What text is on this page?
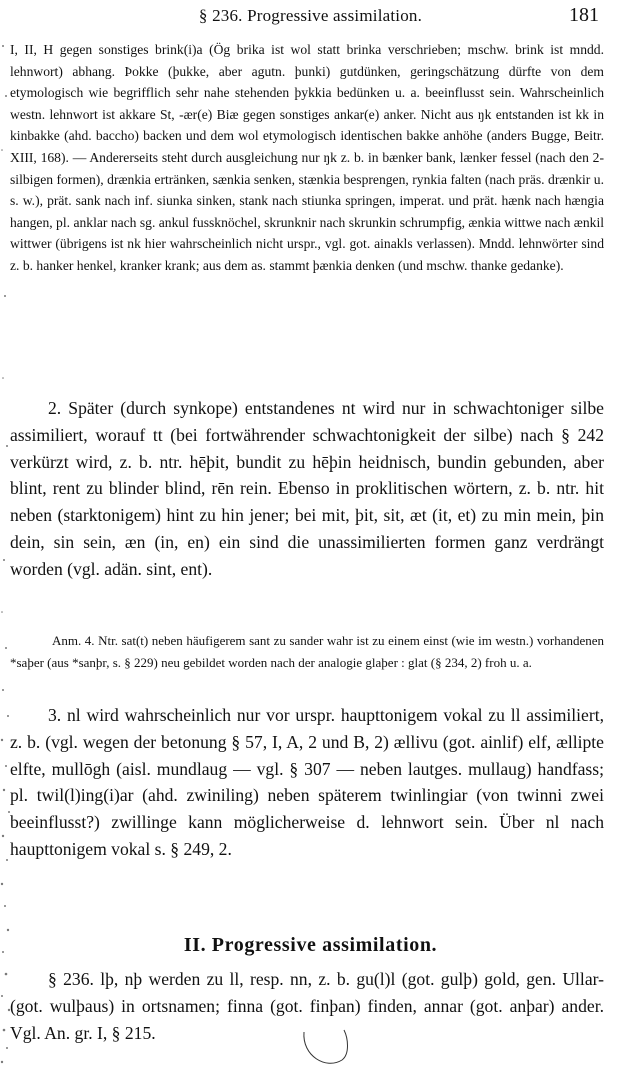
§ 236. Progressive assimilation.	181

I, II, H gegen sonstiges brink(i)a (Ög brika ist wol statt brinka verschrieben; mschw. brink ist mndd. lehnwort) abhang. Þokke (þukke, aber agutn. þunki) gutdünken, geringschätzung dürfte von dem etymologisch wie begrifflich sehr nahe stehenden þykkia bedünken u. a. beeinflusst sein. Wahrscheinlich westn. lehnwort ist akkare St, -ær(e) Biæ gegen sonstiges ankar(e) anker. Nicht aus ŋk entstanden ist kk in kinbakke (ahd. baccho) backen und dem wol etymologisch identischen bakke anhöhe (anders Bugge, Beitr. XIII, 168). — Andererseits steht durch ausgleichung nur ŋk z. b. in bænker bank, lænker fessel (nach den 2-silbigen formen), drænkia ertränken, sænkia senken, stænkia besprengen, rynkia falten (nach präs. drænkir u. s. w.), prät. sank nach inf. siunka sinken, stank nach stiunka springen, imperat. und prät. hænk nach hængia hangen, pl. anklar nach sg. ankul fussknöchel, skrunknir nach skrunkin schrumpfig, ænkia wittwe nach ænkil wittwer (übrigens ist nk hier wahrscheinlich nicht urspr., vgl. got. ainakls verlassen). Mndd. lehnwörter sind z. b. hanker henkel, kranker krank; aus dem as. stammt þænkia denken (und mschw. thanke gedanke).

2. Später (durch synkope) entstandenes nt wird nur in schwachtoniger silbe assimiliert, worauf tt (bei fortwährender schwachtonigkeit der silbe) nach § 242 verkürzt wird, z. b. ntr. hēþit, bundit zu hēþin heidnisch, bundin gebunden, aber blint, rent zu blinder blind, rēn rein. Ebenso in proklitischen wörtern, z. b. ntr. hit neben (starktonigem) hint zu hin jener; bei mit, þit, sit, æt (it, et) zu min mein, þin dein, sin sein, æn (in, en) ein sind die unassimilierten formen ganz verdrängt worden (vgl. adän. sint, ent).

Anm. 4. Ntr. sat(t) neben häufigerem sant zu sander wahr ist zu einem einst (wie im westn.) vorhandenen *saþer (aus *sanþr, s. § 229) neu gebildet worden nach der analogie glaþer : glat (§ 234, 2) froh u. a.

3. nl wird wahrscheinlich nur vor urspr. haupttonigem vokal zu ll assimiliert, z. b. (vgl. wegen der betonung § 57, I, A, 2 und B, 2) ællivu (got. ainlif) elf, ællipte elfte, mullōgh (aisl. mundlaug — vgl. § 307 — neben lautges. mullaug) handfass; pl. twil(l)ing(i)ar (ahd. zwiniling) neben späterem twinlingiar (von twinni zwei beeinflusst?) zwillinge kann möglicherweise d. lehnwort sein. Über nl nach haupttonigem vokal s. § 249, 2.

II. Progressive assimilation.

§ 236. lþ, nþ werden zu ll, resp. nn, z. b. gu(l)l (got. gulþ) gold, gen. Ullar- (got. wulþaus) in ortsnamen; finna (got. finþan) finden, annar (got. anþar) ander. Vgl. An. gr. I, § 215.
